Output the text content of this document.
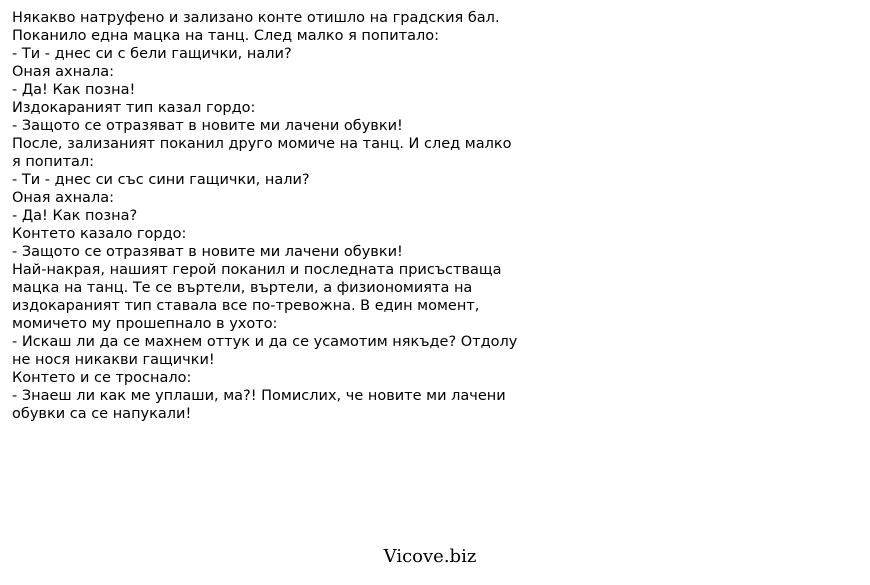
Някакво натруфено и зализано конте отишло на градския бал.
Поканило една мацка на танц. След малко я попитало:
- Ти - днес си с бели гащички, нали?
Оная ахнала:
- Да! Как позна!
Издокараният тип казал гордо:
- Защото се отразяват в новите ми лачени обувки!
После, зализаният поканил друго момиче на танц. И след малко
я попитал:
- Ти - днес си със сини гащички, нали?
Оная ахнала:
- Да! Как позна?
Контето казало гордо:
- Защото се отразяват в новите ми лачени обувки!
Най-накрая, нашият герой поканил и последната присъстваща
мацка на танц. Те се въртели, въртели, а физиономията на
издокараният тип ставала все по-тревожна. В един момент,
момичето му прошепнало в ухото:
- Искаш ли да се махнем оттук и да се усамотим някъде? Отдолу
не нося никакви гащички!
Контето и се троснало:
- Знаеш ли как ме уплаши, ма?! Помислих, че новите ми лачени
обувки са се напукали!
Vicove.biz
